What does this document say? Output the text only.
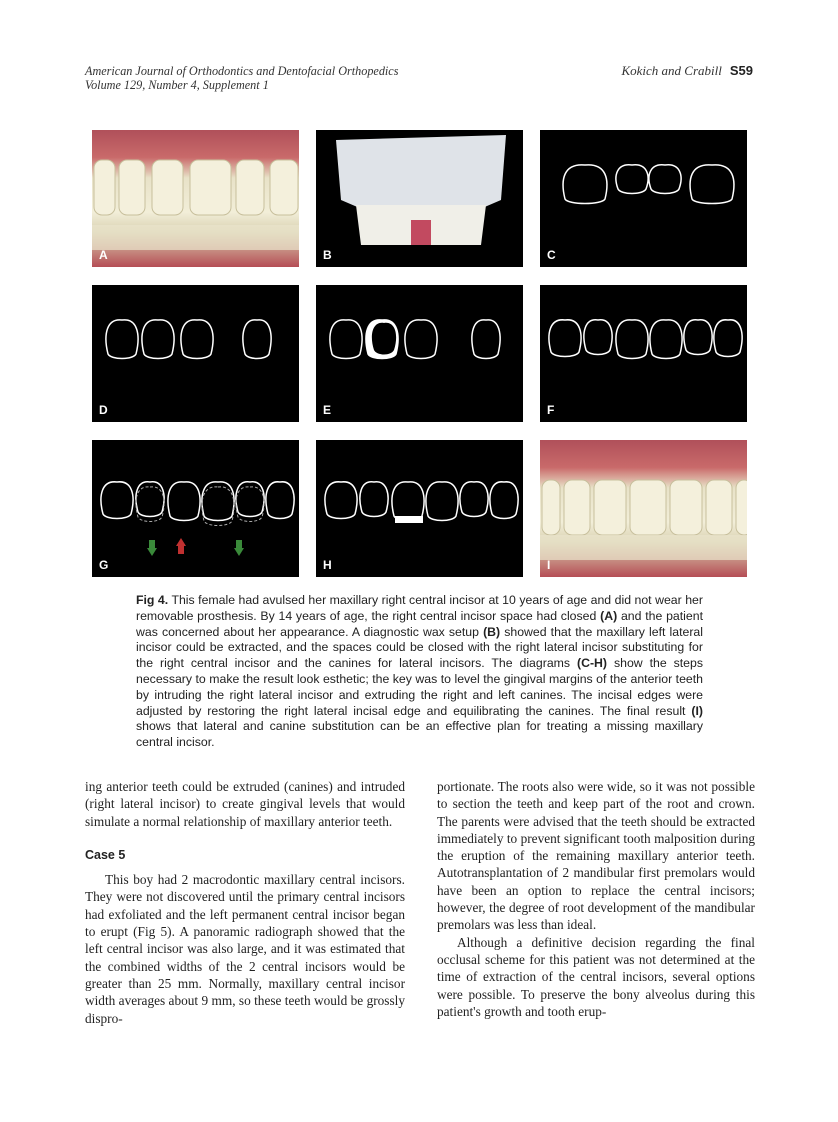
American Journal of Orthodontics and Dentofacial Orthopedics
Volume 129, Number 4, Supplement 1
Kokich and Crabill S59
A	B	C
D	E	F
G	H	I
Fig 4. This female had avulsed her maxillary right central incisor at 10 years of age and did not wear her removable prosthesis. By 14 years of age, the right central incisor space had closed (A) and the patient was concerned about her appearance. A diagnostic wax setup (B) showed that the maxillary left lateral incisor could be extracted, and the spaces could be closed with the right lateral incisor substituting for the right central incisor and the canines for lateral incisors. The diagrams (C-H) show the steps necessary to make the result look esthetic; the key was to level the gingival margins of the anterior teeth by intruding the right lateral incisor and extruding the right and left canines. The incisal edges were adjusted by restoring the right lateral incisal edge and equilibrating the canines. The final result (I) shows that lateral and canine substitution can be an effective plan for treating a missing maxillary central incisor.

ing anterior teeth could be extruded (canines) and intruded (right lateral incisor) to create gingival levels that would simulate a normal relationship of maxillary anterior teeth.

Case 5

This boy had 2 macrodontic maxillary central incisors. They were not discovered until the primary central incisors had exfoliated and the left permanent central incisor began to erupt (Fig 5). A panoramic radiograph showed that the left central incisor was also large, and it was estimated that the combined widths of the 2 central incisors would be greater than 25 mm. Normally, maxillary central incisor width averages about 9 mm, so these teeth would be grossly dispro-

portionate. The roots also were wide, so it was not possible to section the teeth and keep part of the root and crown. The parents were advised that the teeth should be extracted immediately to prevent significant tooth malposition during the eruption of the remaining maxillary anterior teeth. Autotransplantation of 2 mandibular first premolars would have been an option to replace the central incisors; however, the degree of root development of the mandibular premolars was less than ideal.

Although a definitive decision regarding the final occlusal scheme for this patient was not determined at the time of extraction of the central incisors, several options were possible. To preserve the bony alveolus during this patient's growth and tooth erup-
